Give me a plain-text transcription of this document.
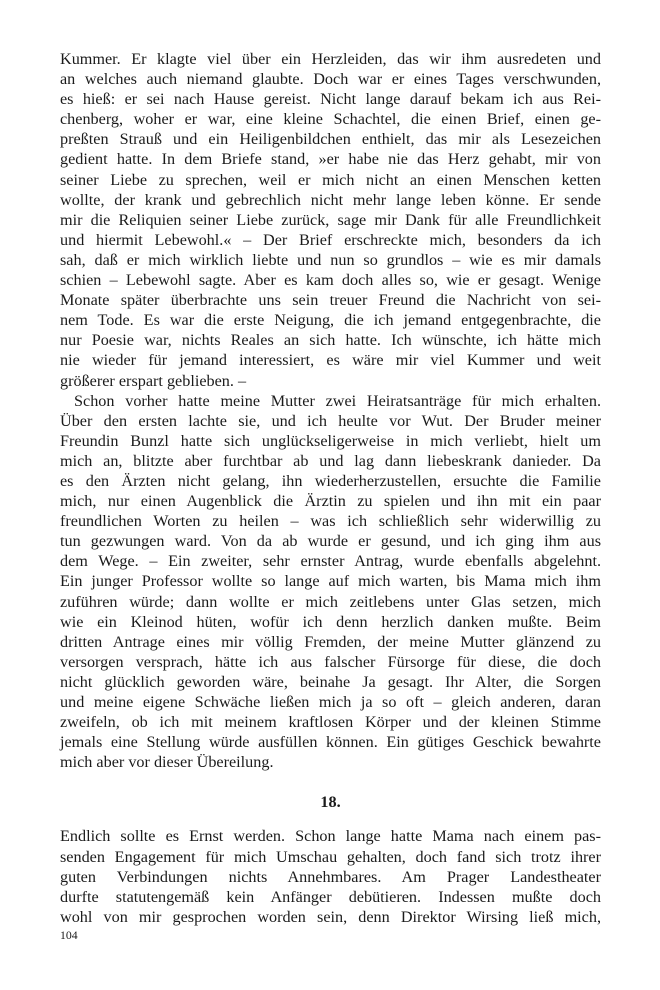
Kummer. Er klagte viel über ein Herzleiden, das wir ihm ausredeten und
an welches auch niemand glaubte. Doch war er eines Tages verschwunden,
es hieß: er sei nach Hause gereist. Nicht lange darauf bekam ich aus Rei-
chenberg, woher er war, eine kleine Schachtel, die einen Brief, einen ge-
preßten Strauß und ein Heiligenbildchen enthielt, das mir als Lesezeichen
gedient hatte. In dem Briefe stand, »er habe nie das Herz gehabt, mir von
seiner Liebe zu sprechen, weil er mich nicht an einen Menschen ketten
wollte, der krank und gebrechlich nicht mehr lange leben könne. Er sende
mir die Reliquien seiner Liebe zurück, sage mir Dank für alle Freundlichkeit
und hiermit Lebewohl.« – Der Brief erschreckte mich, besonders da ich
sah, daß er mich wirklich liebte und nun so grundlos – wie es mir damals
schien – Lebewohl sagte. Aber es kam doch alles so, wie er gesagt. Wenige
Monate später überbrachte uns sein treuer Freund die Nachricht von sei-
nem Tode. Es war die erste Neigung, die ich jemand entgegenbrachte, die
nur Poesie war, nichts Reales an sich hatte. Ich wünschte, ich hätte mich
nie wieder für jemand interessiert, es wäre mir viel Kummer und weit
größerer erspart geblieben. –
Schon vorher hatte meine Mutter zwei Heiratsanträge für mich erhalten.
Über den ersten lachte sie, und ich heulte vor Wut. Der Bruder meiner
Freundin Bunzl hatte sich unglückseligerweise in mich verliebt, hielt um
mich an, blitzte aber furchtbar ab und lag dann liebeskrank danieder. Da
es den Ärzten nicht gelang, ihn wiederherzustellen, ersuchte die Familie
mich, nur einen Augenblick die Ärztin zu spielen und ihn mit ein paar
freundlichen Worten zu heilen – was ich schließlich sehr widerwillig zu
tun gezwungen ward. Von da ab wurde er gesund, und ich ging ihm aus
dem Wege. – Ein zweiter, sehr ernster Antrag, wurde ebenfalls abgelehnt.
Ein junger Professor wollte so lange auf mich warten, bis Mama mich ihm
zuführen würde; dann wollte er mich zeitlebens unter Glas setzen, mich
wie ein Kleinod hüten, wofür ich denn herzlich danken mußte. Beim
dritten Antrage eines mir völlig Fremden, der meine Mutter glänzend zu
versorgen versprach, hätte ich aus falscher Fürsorge für diese, die doch
nicht glücklich geworden wäre, beinahe Ja gesagt. Ihr Alter, die Sorgen
und meine eigene Schwäche ließen mich ja so oft – gleich anderen, daran
zweifeln, ob ich mit meinem kraftlosen Körper und der kleinen Stimme
jemals eine Stellung würde ausfüllen können. Ein gütiges Geschick bewahrte
mich aber vor dieser Übereilung.
18.
Endlich sollte es Ernst werden. Schon lange hatte Mama nach einem pas-
senden Engagement für mich Umschau gehalten, doch fand sich trotz ihrer
guten Verbindungen nichts Annehmbares. Am Prager Landestheater
durfte statutengemäß kein Anfänger debütieren. Indessen mußte doch
wohl von mir gesprochen worden sein, denn Direktor Wirsing ließ mich,
104
